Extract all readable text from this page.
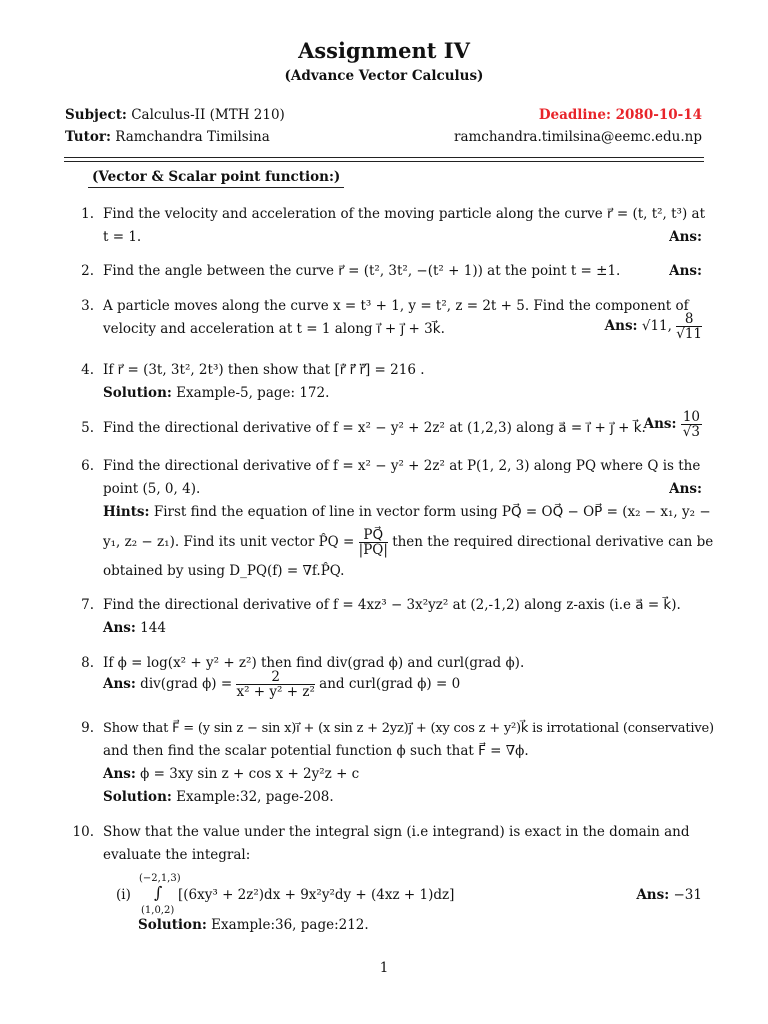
Assignment IV
(Advance Vector Calculus)
Subject: Calculus-II (MTH 210)	Deadline: 2080-10-14
Tutor: Ramchandra Timilsina	ramchandra.timilsina@eemc.edu.np
(Vector & Scalar point function:)
1. Find the velocity and acceleration of the moving particle along the curve r⃗ = (t, t², t³) at
t = 1.	Ans:
2. Find the angle between the curve r⃗ = (t², 3t², −(t² + 1)) at the point t = ±1.	Ans:
3. A particle moves along the curve x = t³ + 1, y = t², z = 2t + 5. Find the component of
velocity and acceleration at t = 1 along i⃗ + j⃗ + 3k⃗.	Ans: √11, $\frac{8}{√11}$
4. If r⃗ = (3t, 3t², 2t³) then show that [r⃗̇ r⃗̈ r⃗⃛] = 216 .
Solution: Example-5, page: 172.
5. Find the directional derivative of f = x² − y² + 2z² at (1,2,3) along a⃗ = i⃗ + j⃗ + k⃗.
Ans: $\frac{10}{√3}$
6. Find the directional derivative of f = x² − y² + 2z² at P(1, 2, 3) along PQ where Q is the
point (5, 0, 4).	Ans:
Hints: First find the equation of line in vector form using PQ⃗ = OQ⃗ − OP⃗ = (x₂ − x₁, y₂ −
y₁, z₂ − z₁). Find its unit vector P̂Q = $\frac{PQ⃗}{|PQ|}$ then the required directional derivative can be
obtained by using D_PQ(f) = ∇f.P̂Q.
7. Find the directional derivative of f = 4xz³ − 3x²yz² at (2,-1,2) along z-axis (i.e a⃗ = k⃗).
Ans: 144
8. If ϕ = log(x² + y² + z²) then find div(grad ϕ) and curl(grad ϕ).
Ans: div(grad $\phi) = \frac{2}{\text{x² + y² + z²}}$ and curl(grad ϕ) = 0
9. Show that F⃗ = (y sin z − sin x)i⃗ + (x sin z + 2yz)j⃗ + (xy cos z + y²)k⃗ is irrotational (conservative)
and then find the scalar potential function ϕ such that F⃗ = ∇ϕ.
Ans: ϕ = 3xy sin z + cos x + 2y²z + c
Solution: Example:32, page-208.
10. Show that the value under the integral sign (i.e integrand) is exact in the domain and
evaluate the integral:
(i)
(−2,1,3)
∫
(1,0,2)
[(6xy³ + 2z²)dx + 9x²y²dy + (4xz + 1)dz]	Ans: −31
Solution: Example:36, page:212.
1
